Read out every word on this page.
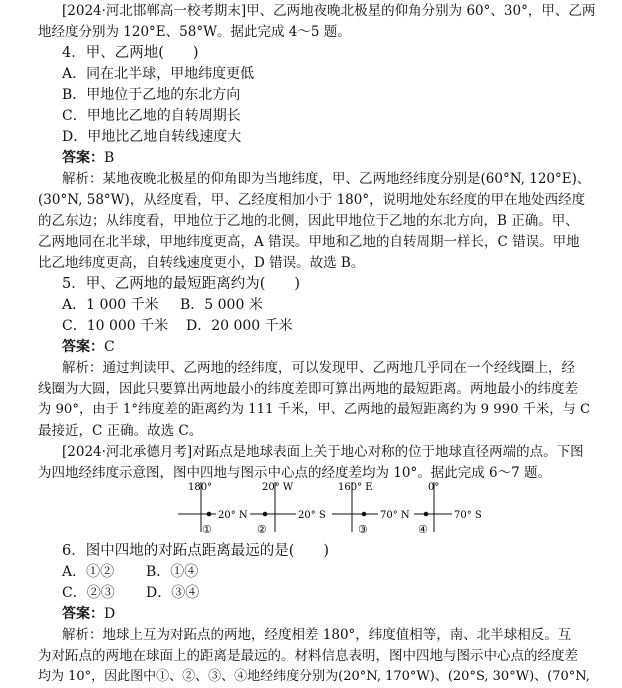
[2024·河北邯郸高一校考期末]甲、乙两地夜晚北极星的仰角分别为 60°、30°，甲、乙两
地经度分别为 120°E、58°W。据此完成 4～5 题。
4．甲、乙两地(　　)
A．同在北半球，甲地纬度更低
B．甲地位于乙地的东北方向
C．甲地比乙地的自转周期长
D．甲地比乙地自转线速度大
答案：B
解析：某地夜晚北极星的仰角即为当地纬度，甲、乙两地经纬度分别是(60°N, 120°E)、
(30°N, 58°W)，从经度看，甲、乙经度相加小于 180°，说明地处东经度的甲在地处西经度
的乙东边；从纬度看，甲地位于乙地的北侧，因此甲地位于乙地的东北方向，B 正确。甲、
乙两地同在北半球，甲地纬度更高，A 错误。甲地和乙地的自转周期一样长，C 错误。甲地
比乙地纬度更高，自转线速度更小，D 错误。故选 B。
5．甲、乙两地的最短距离约为(　　)
A．1 000 千米 B．5 000 米
C．10 000 千米 D．20 000 千米
答案：C
解析：通过判读甲、乙两地的经纬度，可以发现甲、乙两地几乎同在一个经线圈上，经
线圈为大圆，因此只要算出两地最小的纬度差即可算出两地的最短距离。两地最小的纬度差
为 90°，由于 1°纬度差的距离约为 111 千米，甲、乙两地的最短距离约为 9 990 千米，与 C
最接近，C 正确。故选 C。
[2024·河北承德月考]对跖点是地球表面上关于地心对称的位于地球直径两端的点。下图
为四地经纬度示意图，图中四地与图示中心点的经度差均为 10°。据此完成 6～7 题。
180°
20° N
①
20° W
20° S
②
160° E
70° N
③
0°
70° S
④
6．图中四地的对跖点距离最远的是(　　)
A．①② B．①④
C．②③ D．③④
答案：D
解析：地球上互为对跖点的两地，经度相差 180°，纬度值相等，南、北半球相反。互
为对跖点的两地在球面上的距离是最远的。材料信息表明，图中四地与图示中心点的经度差
均为 10°，因此图中①、②、③、④地经纬度分别为(20°N, 170°W)、(20°S, 30°W)、(70°N,
